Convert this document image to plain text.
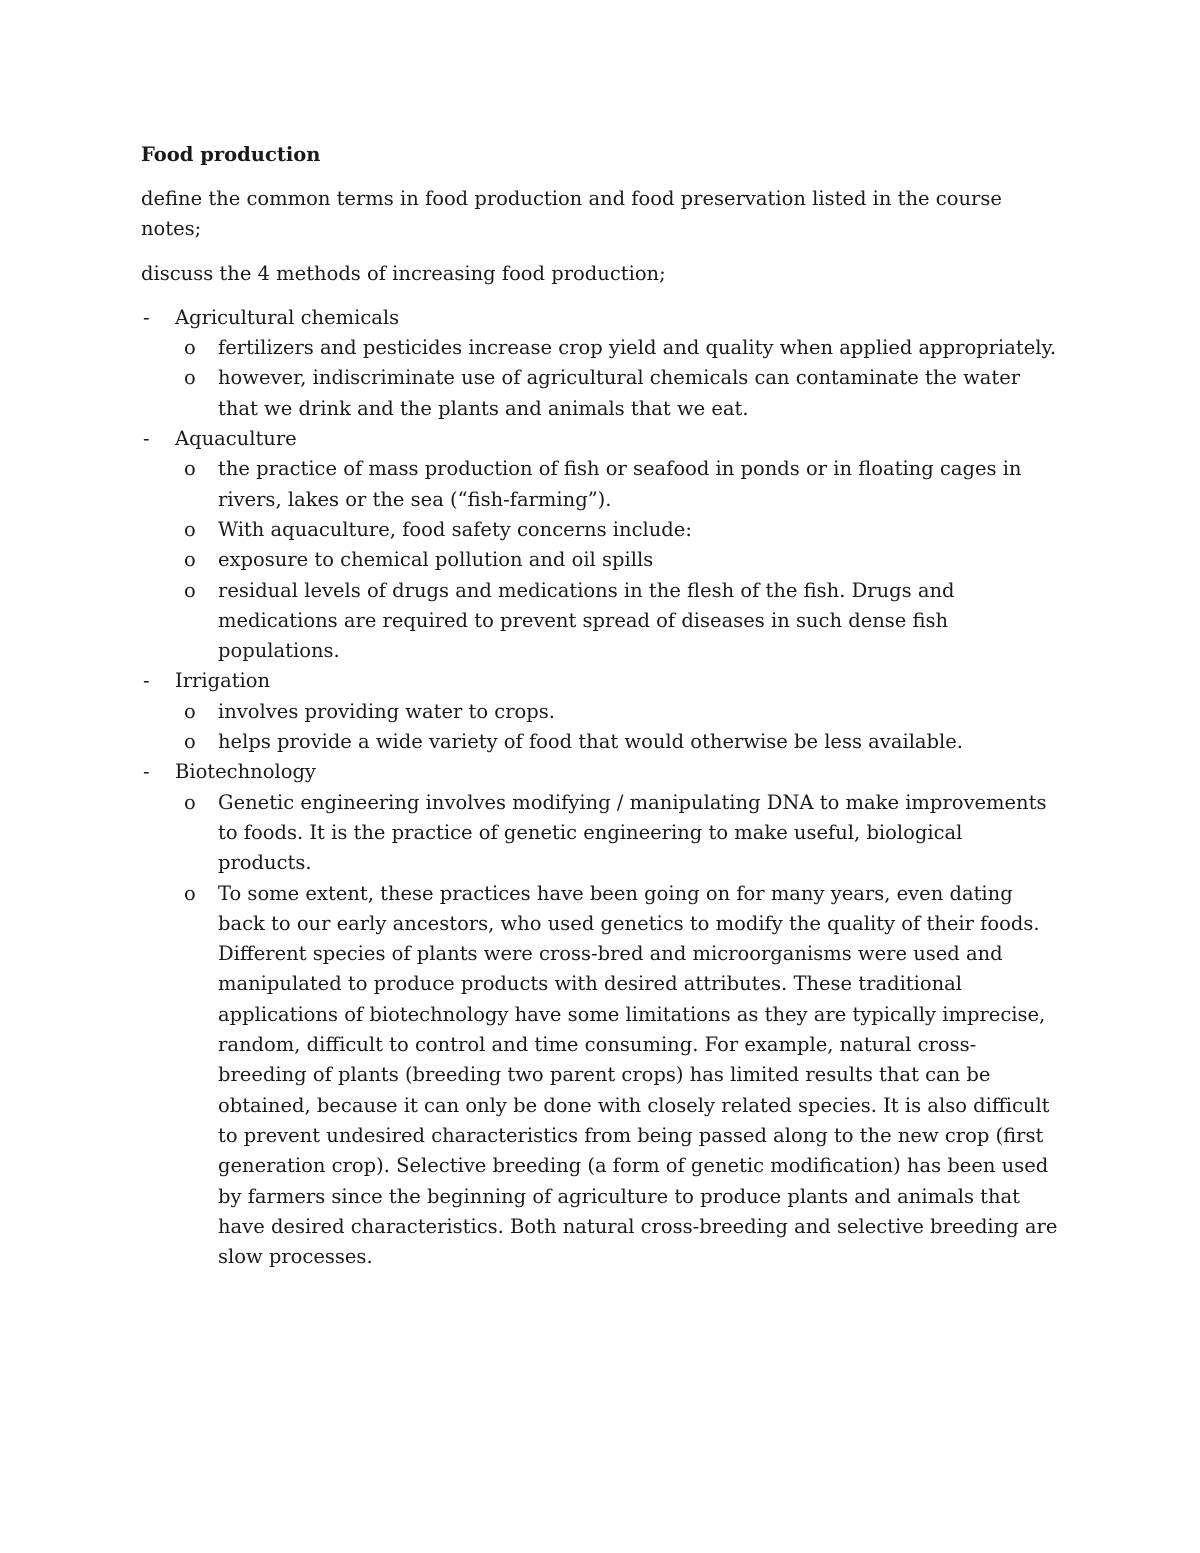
Food production
define the common terms in food production and food preservation listed in the course notes;
discuss the 4 methods of increasing food production;
- Agricultural chemicals
o fertilizers and pesticides increase crop yield and quality when applied appropriately.
o however, indiscriminate use of agricultural chemicals can contaminate the water that we drink and the plants and animals that we eat.
- Aquaculture
o the practice of mass production of fish or seafood in ponds or in floating cages in rivers, lakes or the sea (“fish-farming”).
o With aquaculture, food safety concerns include:
o exposure to chemical pollution and oil spills
o residual levels of drugs and medications in the flesh of the fish. Drugs and medications are required to prevent spread of diseases in such dense fish populations.
- Irrigation
o involves providing water to crops.
o helps provide a wide variety of food that would otherwise be less available.
- Biotechnology
o Genetic engineering involves modifying / manipulating DNA to make improvements to foods. It is the practice of genetic engineering to make useful, biological products.
o To some extent, these practices have been going on for many years, even dating back to our early ancestors, who used genetics to modify the quality of their foods. Different species of plants were cross-bred and microorganisms were used and manipulated to produce products with desired attributes. These traditional applications of biotechnology have some limitations as they are typically imprecise, random, difficult to control and time consuming. For example, natural cross-breeding of plants (breeding two parent crops) has limited results that can be obtained, because it can only be done with closely related species. It is also difficult to prevent undesired characteristics from being passed along to the new crop (first generation crop). Selective breeding (a form of genetic modification) has been used by farmers since the beginning of agriculture to produce plants and animals that have desired characteristics. Both natural cross-breeding and selective breeding are slow processes.
